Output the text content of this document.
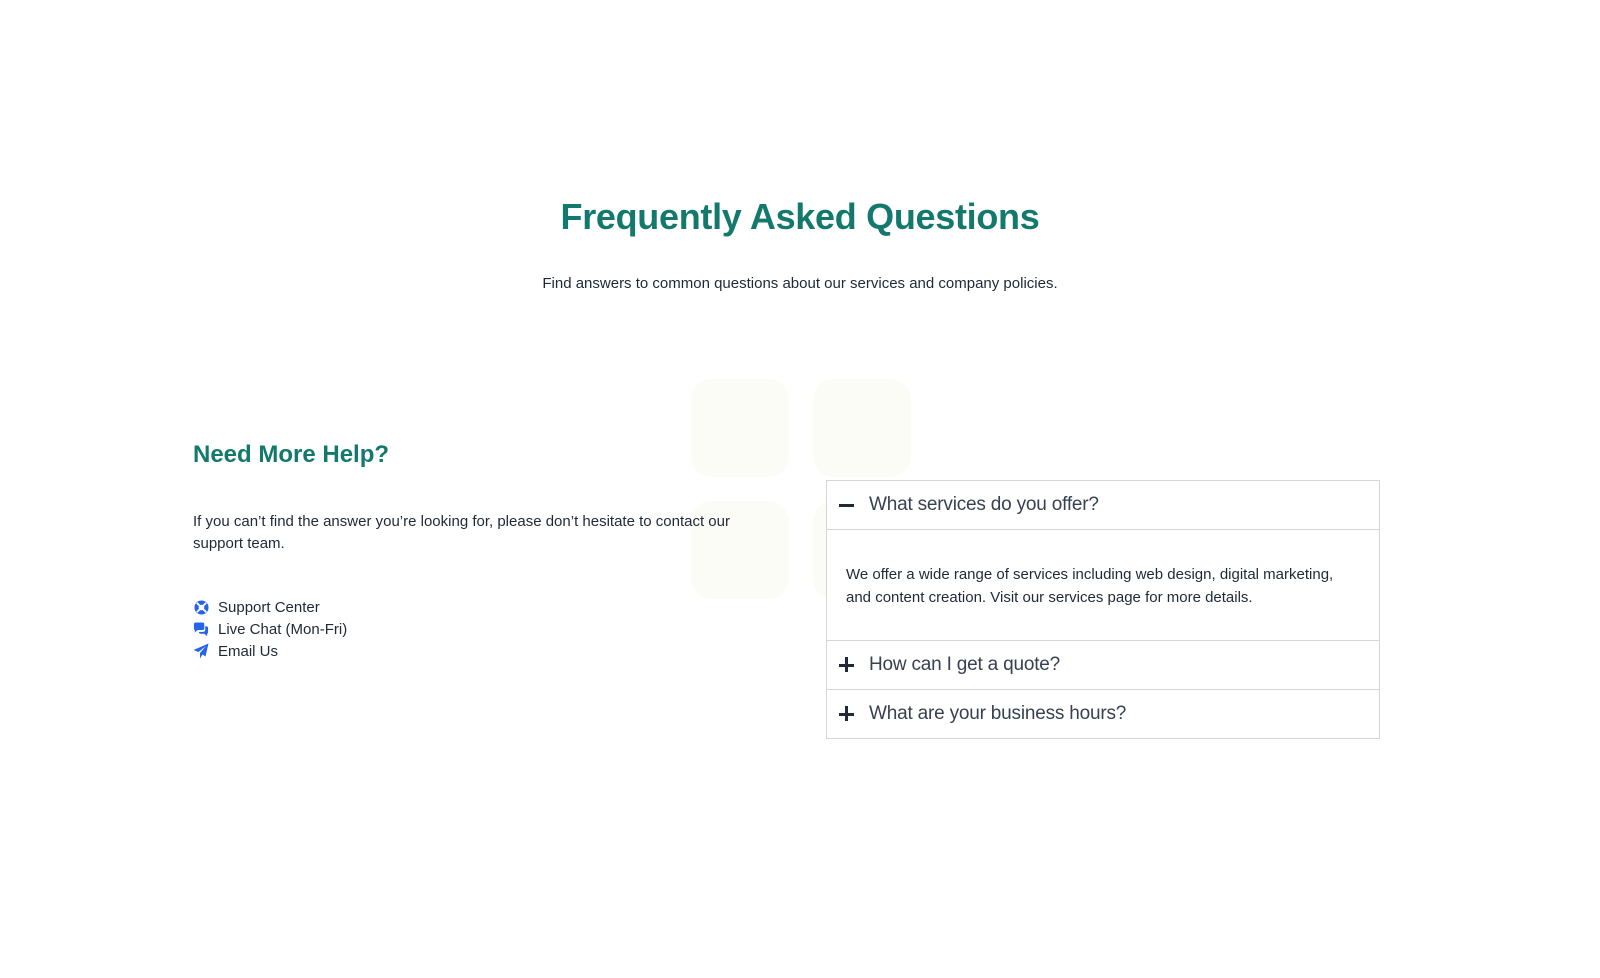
Frequently Asked Questions

Find answers to common questions about our services and company policies.

Need More Help?

If you can’t find the answer you’re looking for, please don’t hesitate to contact our support team.

Support Center
Live Chat (Mon-Fri)
Email Us
What services do you offer?
We offer a wide range of services including web design, digital marketing, and content creation. Visit our services page for more details.
How can I get a quote?
What are your business hours?
